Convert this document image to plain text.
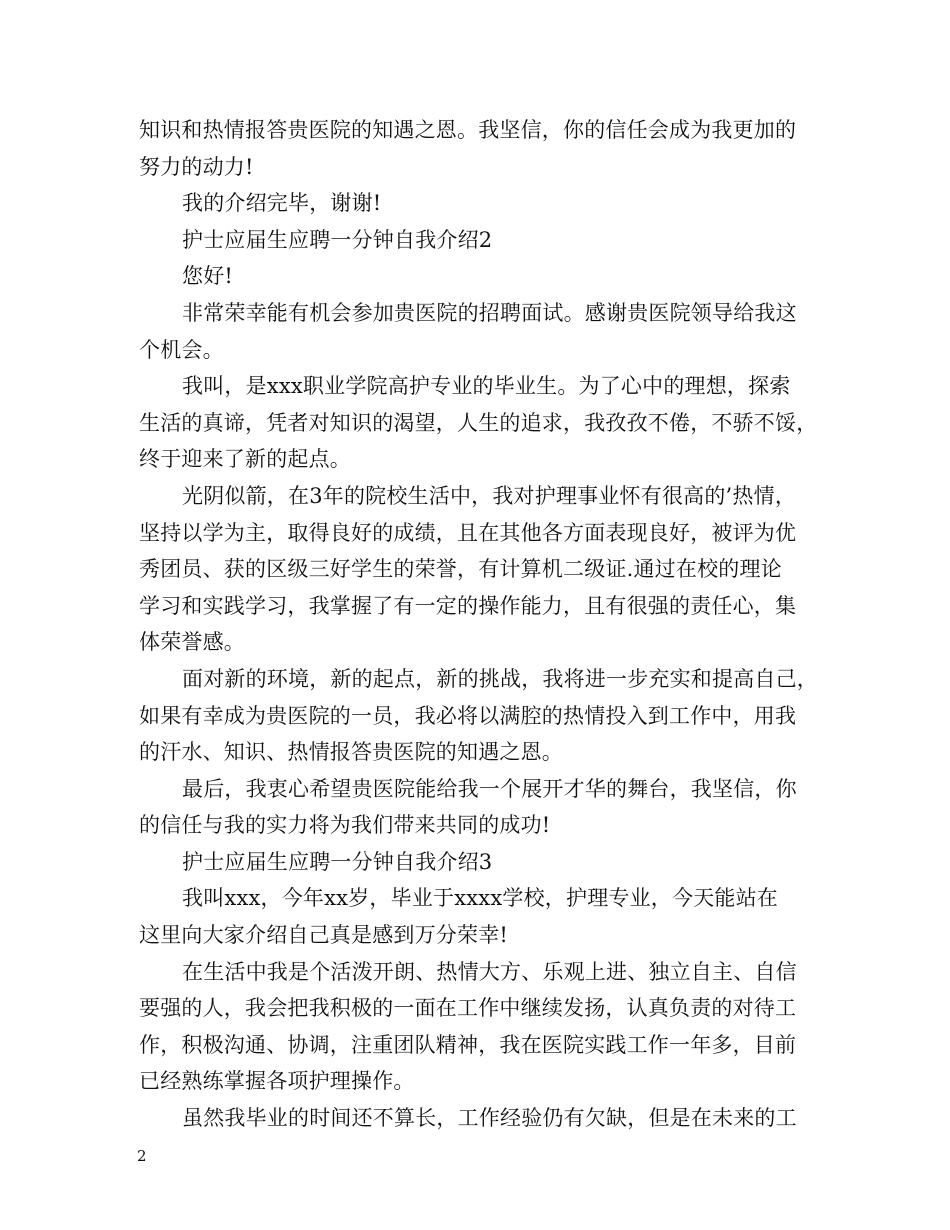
知识和热情报答贵医院的知遇之恩。我坚信，你的信任会成为我更加的
努力的动力!
我的介绍完毕，谢谢!
护士应届生应聘一分钟自我介绍2
您好!
非常荣幸能有机会参加贵医院的招聘面试。感谢贵医院领导给我这
个机会。
我叫，是xxx职业学院高护专业的毕业生。为了心中的理想，探索
生活的真谛，凭者对知识的渴望，人生的追求，我孜孜不倦，不骄不馁，
终于迎来了新的起点。
光阴似箭，在3年的院校生活中，我对护理事业怀有很高的’热情，
坚持以学为主，取得良好的成绩，且在其他各方面表现良好，被评为优
秀团员、获的区级三好学生的荣誉，有计算机二级证.通过在校的理论
学习和实践学习，我掌握了有一定的操作能力，且有很强的责任心，集
体荣誉感。
面对新的环境，新的起点，新的挑战，我将进一步充实和提高自己，
如果有幸成为贵医院的一员，我必将以满腔的热情投入到工作中，用我
的汗水、知识、热情报答贵医院的知遇之恩。
最后，我衷心希望贵医院能给我一个展开才华的舞台，我坚信，你
的信任与我的实力将为我们带来共同的成功!
护士应届生应聘一分钟自我介绍3
我叫xxx，今年xx岁，毕业于xxxx学校，护理专业，今天能站在
这里向大家介绍自己真是感到万分荣幸!
在生活中我是个活泼开朗、热情大方、乐观上进、独立自主、自信
要强的人，我会把我积极的一面在工作中继续发扬，认真负责的对待工
作，积极沟通、协调，注重团队精神，我在医院实践工作一年多，目前
已经熟练掌握各项护理操作。
虽然我毕业的时间还不算长，工作经验仍有欠缺，但是在未来的工
2
